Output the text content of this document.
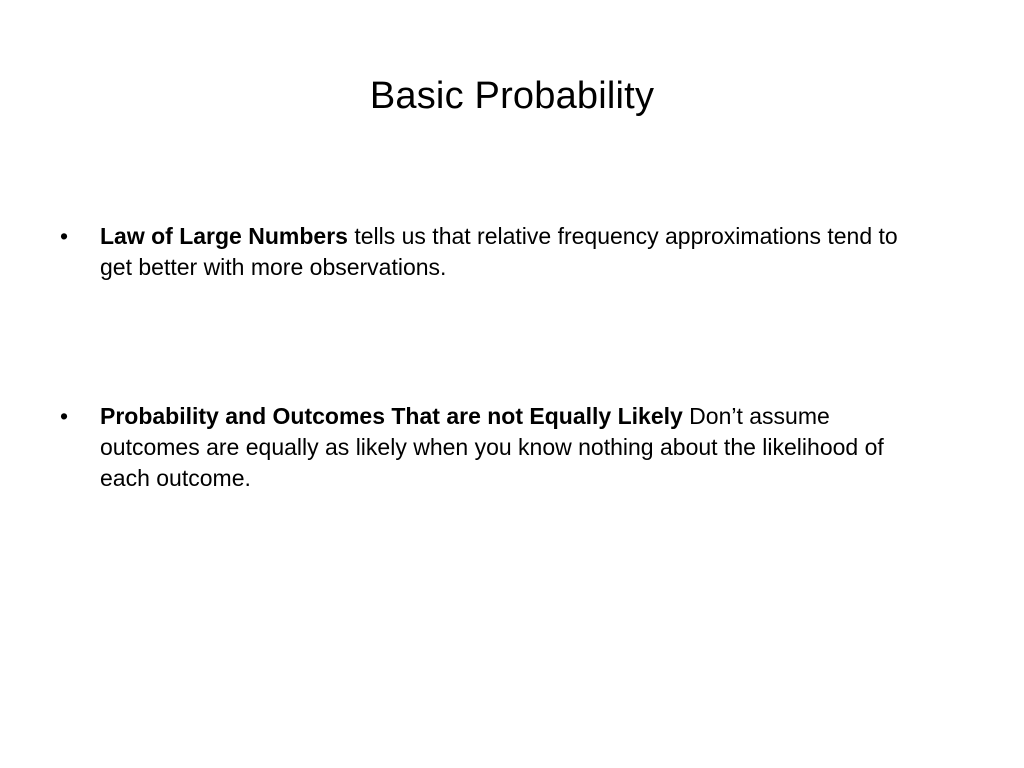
Basic Probability
•	Law of Large Numbers tells us that relative frequency approximations tend to get better with more observations.
•	Probability and Outcomes That are not Equally Likely Don’t assume outcomes are equally as likely when you know nothing about the likelihood of each outcome.
